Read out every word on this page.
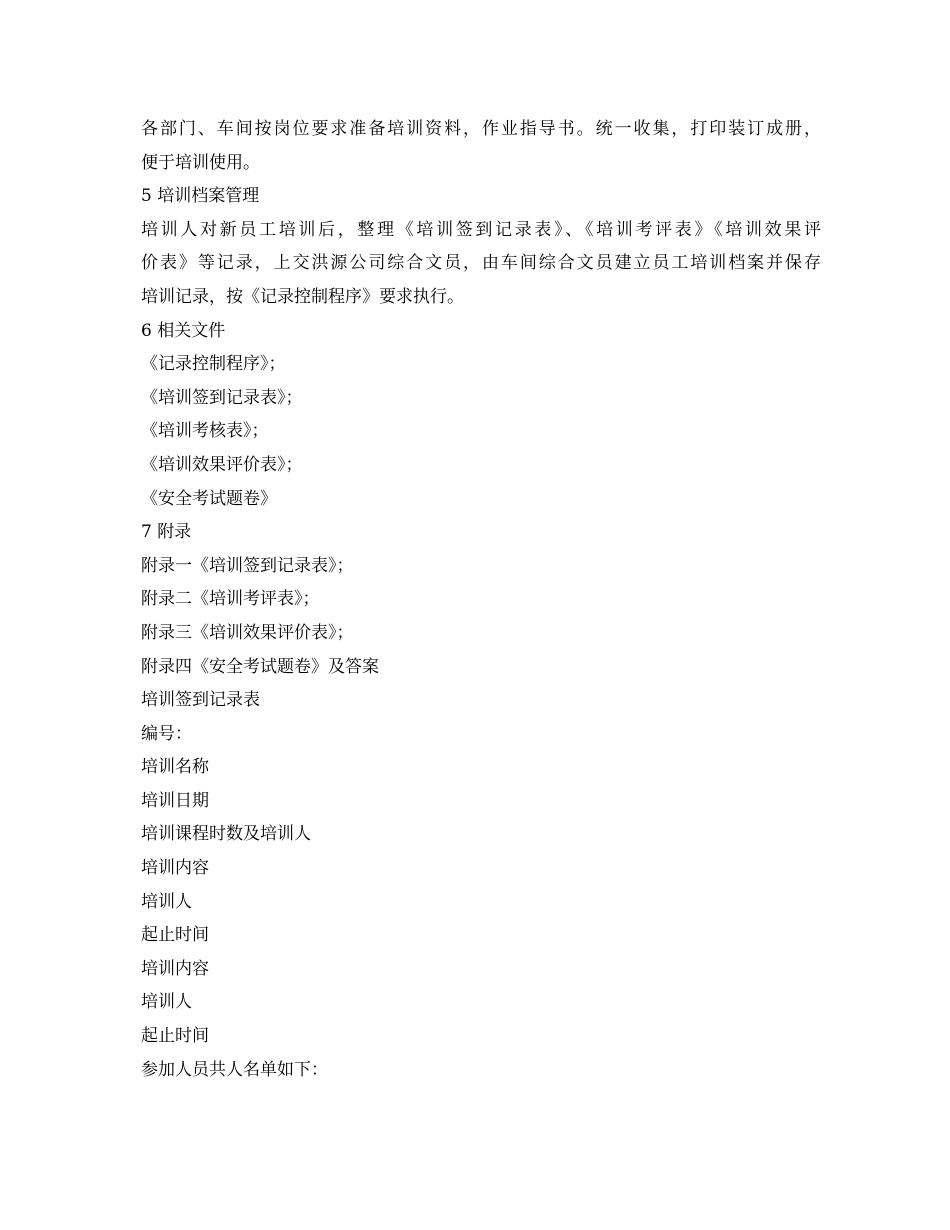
各部门、车间按岗位要求准备培训资料，作业指导书。统一收集，打印装订成册，
便于培训使用。
5 培训档案管理
培训人对新员工培训后，整理《培训签到记录表》、《培训考评表》《培训效果评
价表》等记录，上交洪源公司综合文员，由车间综合文员建立员工培训档案并保存
培训记录，按《记录控制程序》要求执行。
6 相关文件
《记录控制程序》；
《培训签到记录表》；
《培训考核表》；
《培训效果评价表》；
《安全考试题卷》
7 附录
附录一《培训签到记录表》；
附录二《培训考评表》；
附录三《培训效果评价表》；
附录四《安全考试题卷》及答案
培训签到记录表
编号：
培训名称
培训日期
培训课程时数及培训人
培训内容
培训人
起止时间
培训内容
培训人
起止时间
参加人员共人名单如下：
